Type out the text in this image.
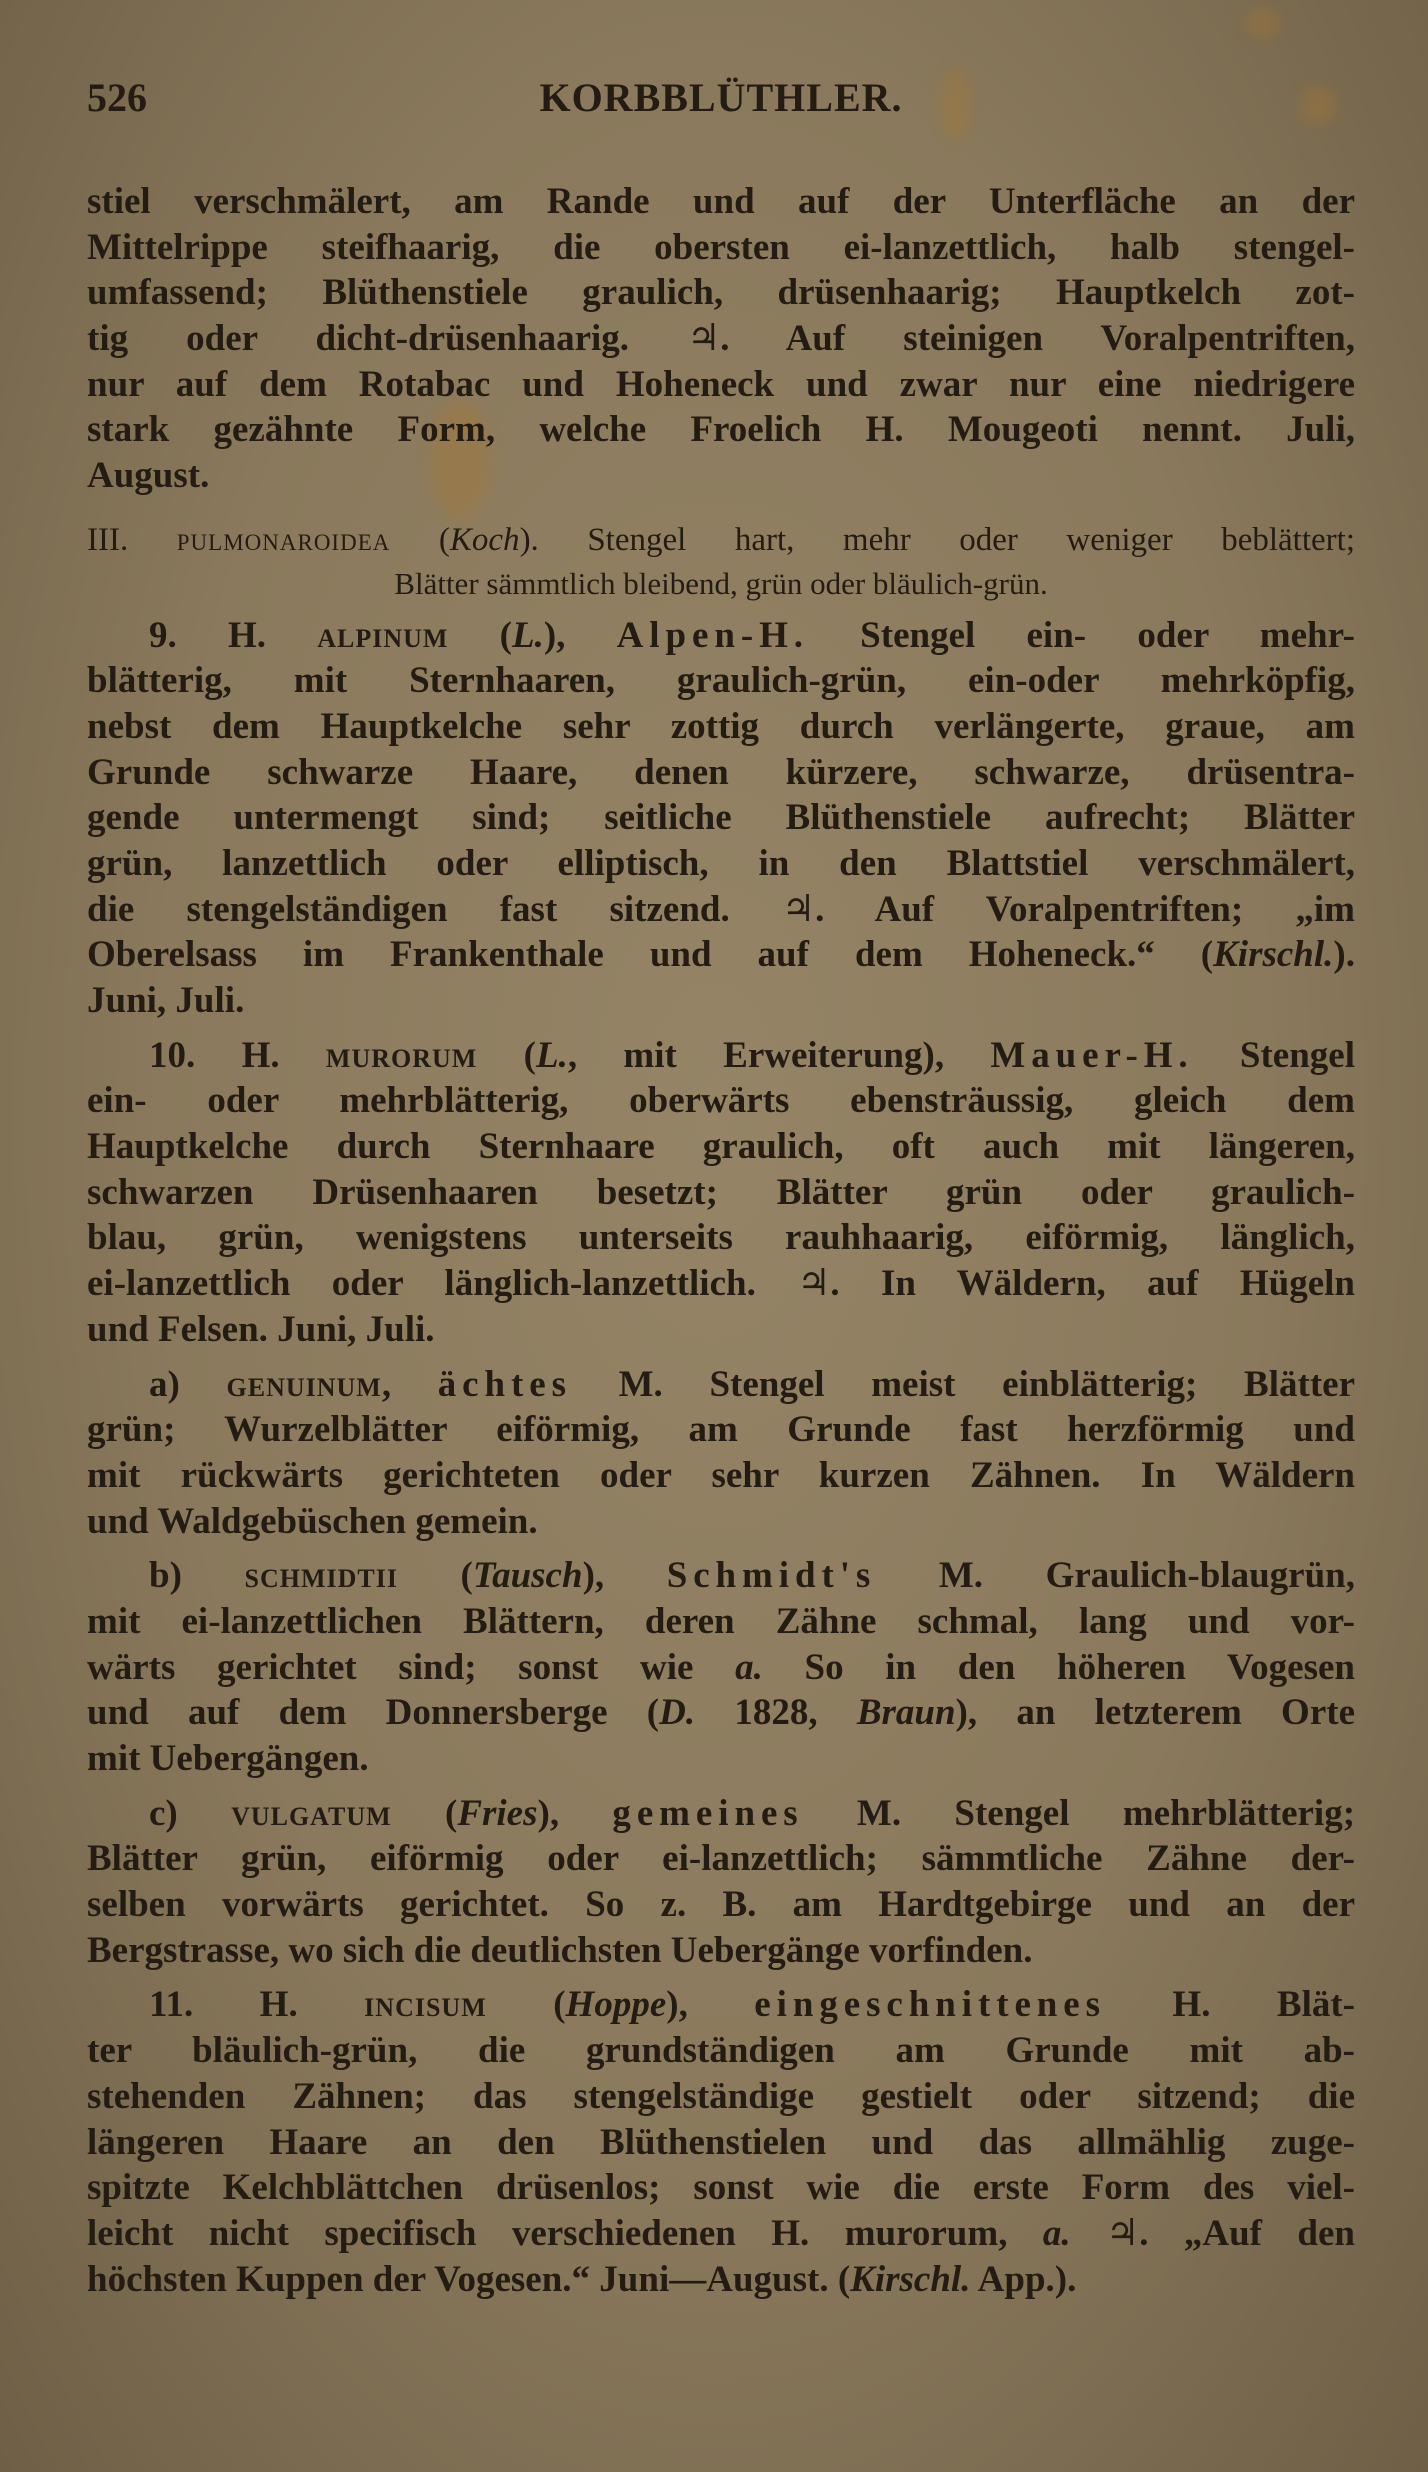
526	KORBBLÜTHLER.
stiel verschmälert, am Rande und auf der Unterfläche an der
Mittelrippe steifhaarig, die obersten ei-lanzettlich, halb stengel-
umfassend; Blüthenstiele graulich, drüsenhaarig; Hauptkelch zot-
tig oder dicht-drüsenhaarig. ♃. Auf steinigen Voralpentriften,
nur auf dem Rotabac und Hoheneck und zwar nur eine niedrigere
stark gezähnte Form, welche Froelich H. Mougeoti nennt. Juli,
August.
III. pulmonaroidea (Koch). Stengel hart, mehr oder weniger beblättert;
Blätter sämmtlich bleibend, grün oder bläulich-grün.
9. H. alpinum (L.), Alpen-H. Stengel ein- oder mehr-
blätterig, mit Sternhaaren, graulich-grün, ein-oder mehrköpfig,
nebst dem Hauptkelche sehr zottig durch verlängerte, graue, am
Grunde schwarze Haare, denen kürzere, schwarze, drüsentra-
gende untermengt sind; seitliche Blüthenstiele aufrecht; Blätter
grün, lanzettlich oder elliptisch, in den Blattstiel verschmälert,
die stengelständigen fast sitzend. ♃. Auf Voralpentriften; „im
Oberelsass im Frankenthale und auf dem Hoheneck.“ (Kirschl.).
Juni, Juli.
10. H. murorum (L., mit Erweiterung), Mauer-H. Stengel
ein- oder mehrblätterig, oberwärts ebensträussig, gleich dem
Hauptkelche durch Sternhaare graulich, oft auch mit längeren,
schwarzen Drüsenhaaren besetzt; Blätter grün oder graulich-
blau, grün, wenigstens unterseits rauhhaarig, eiförmig, länglich,
ei-lanzettlich oder länglich-lanzettlich. ♃. In Wäldern, auf Hügeln
und Felsen. Juni, Juli.
a) genuinum, ächtes M. Stengel meist einblätterig; Blätter
grün; Wurzelblätter eiförmig, am Grunde fast herzförmig und
mit rückwärts gerichteten oder sehr kurzen Zähnen. In Wäldern
und Waldgebüschen gemein.
b) schmidtii (Tausch), Schmidt's M. Graulich-blaugrün,
mit ei-lanzettlichen Blättern, deren Zähne schmal, lang und vor-
wärts gerichtet sind; sonst wie a. So in den höheren Vogesen
und auf dem Donnersberge (D. 1828, Braun), an letzterem Orte
mit Uebergängen.
c) vulgatum (Fries), gemeines M. Stengel mehrblätterig;
Blätter grün, eiförmig oder ei-lanzettlich; sämmtliche Zähne der-
selben vorwärts gerichtet. So z. B. am Hardtgebirge und an der
Bergstrasse, wo sich die deutlichsten Uebergänge vorfinden.
11. H. incisum (Hoppe), eingeschnittenes H. Blät-
ter bläulich-grün, die grundständigen am Grunde mit ab-
stehenden Zähnen; das stengelständige gestielt oder sitzend; die
längeren Haare an den Blüthenstielen und das allmählig zuge-
spitzte Kelchblättchen drüsenlos; sonst wie die erste Form des viel-
leicht nicht specifisch verschiedenen H. murorum, a. ♃. „Auf den
höchsten Kuppen der Vogesen.“ Juni—August. (Kirschl. App.).
